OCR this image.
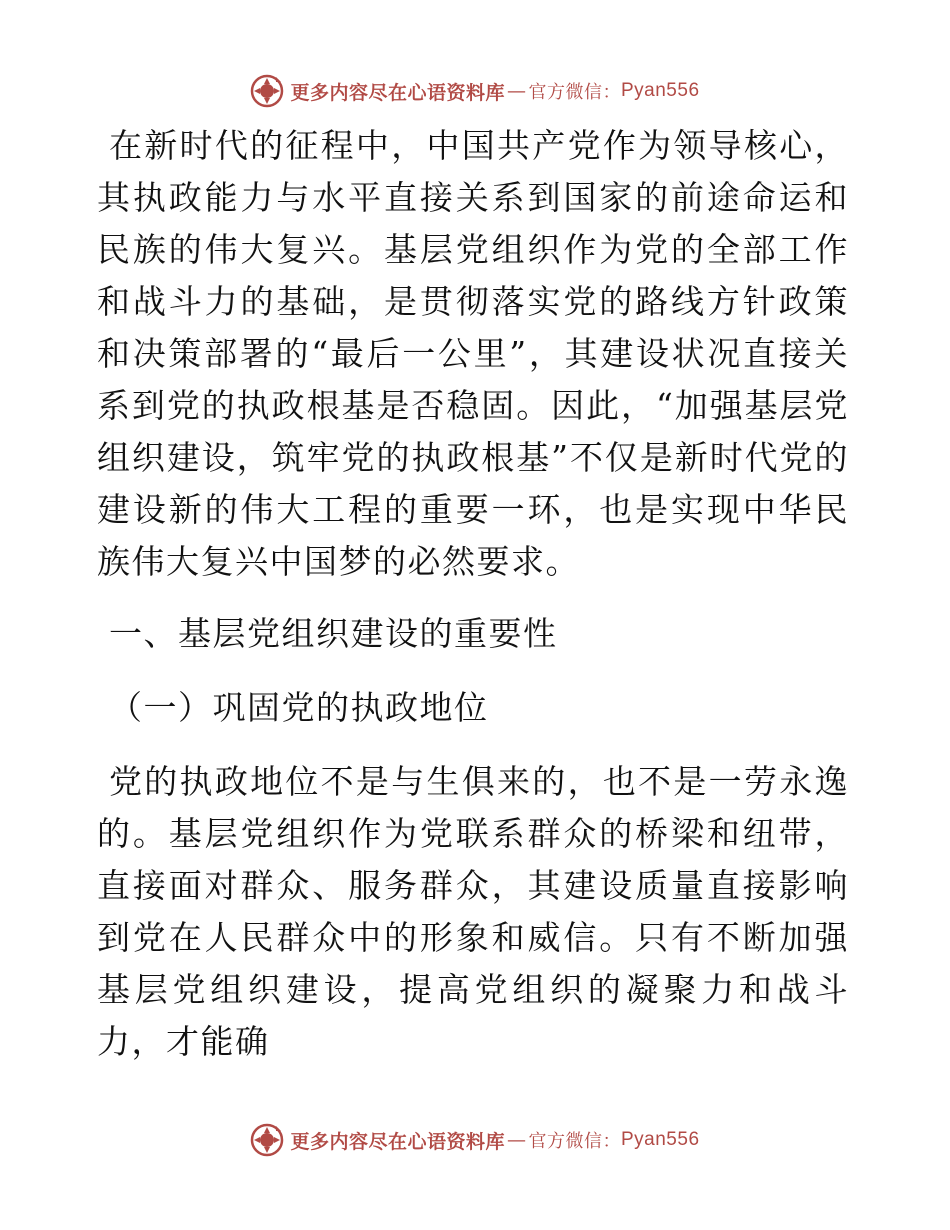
更多内容尽在心语资料库 — 官方微信： Pyan556

在新时代的征程中，中国共产党作为领导核心，其执政能力与水平直接关系到国家的前途命运和民族的伟大复兴。基层党组织作为党的全部工作和战斗力的基础，是贯彻落实党的路线方针政策和决策部署的“最后一公里”，其建设状况直接关系到党的执政根基是否稳固。因此，“加强基层党组织建设，筑牢党的执政根基”不仅是新时代党的建设新的伟大工程的重要一环，也是实现中华民族伟大复兴中国梦的必然要求。

一、基层党组织建设的重要性

（一）巩固党的执政地位

党的执政地位不是与生俱来的，也不是一劳永逸的。基层党组织作为党联系群众的桥梁和纽带，直接面对群众、服务群众，其建设质量直接影响到党在人民群众中的形象和威信。只有不断加强基层党组织建设，提高党组织的凝聚力和战斗力，才能确

更多内容尽在心语资料库 — 官方微信： Pyan556
